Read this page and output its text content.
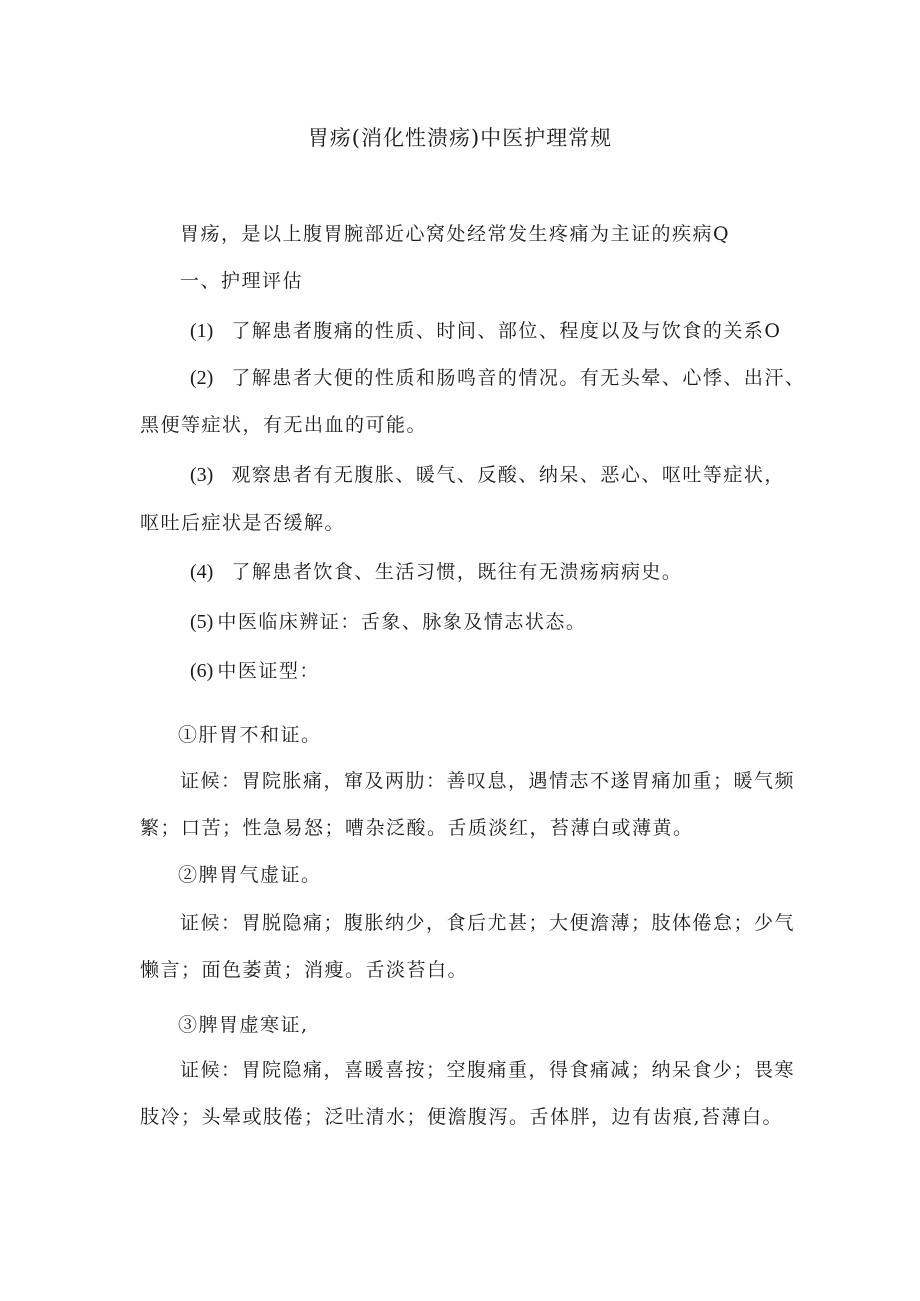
胃疡(消化性溃疡)中医护理常规
胃疡，是以上腹胃腕部近心窝处经常发生疼痛为主证的疾病Q
一、护理评估
(1) 了解患者腹痛的性质、时间、部位、程度以及与饮食的关系O
(2) 了解患者大便的性质和肠鸣音的情况。有无头晕、心悸、出汗、
黑便等症状，有无出血的可能。
(3) 观察患者有无腹胀、暖气、反酸、纳呆、恶心、呕吐等症状，
呕吐后症状是否缓解。
(4) 了解患者饮食、生活习惯，既往有无溃疡病病史。
(5) 中医临床辨证：舌象、脉象及情志状态。
(6) 中医证型：
①肝胃不和证。
证候：胃院胀痛，窜及两肋：善叹息，遇情志不遂胃痛加重；暖气频
繁；口苦；性急易怒；嘈杂泛酸。舌质淡红，苔薄白或薄黄。
②脾胃气虚证。
证候：胃脱隐痛；腹胀纳少，食后尤甚；大便澹薄；肢体倦怠；少气
懒言；面色萎黄；消瘦。舌淡苔白。
③脾胃虚寒证,
证候：胃院隐痛，喜暖喜按；空腹痛重，得食痛减；纳呆食少；畏寒
肢冷；头晕或肢倦；泛吐清水；便澹腹泻。舌体胖，边有齿痕,苔薄白。
